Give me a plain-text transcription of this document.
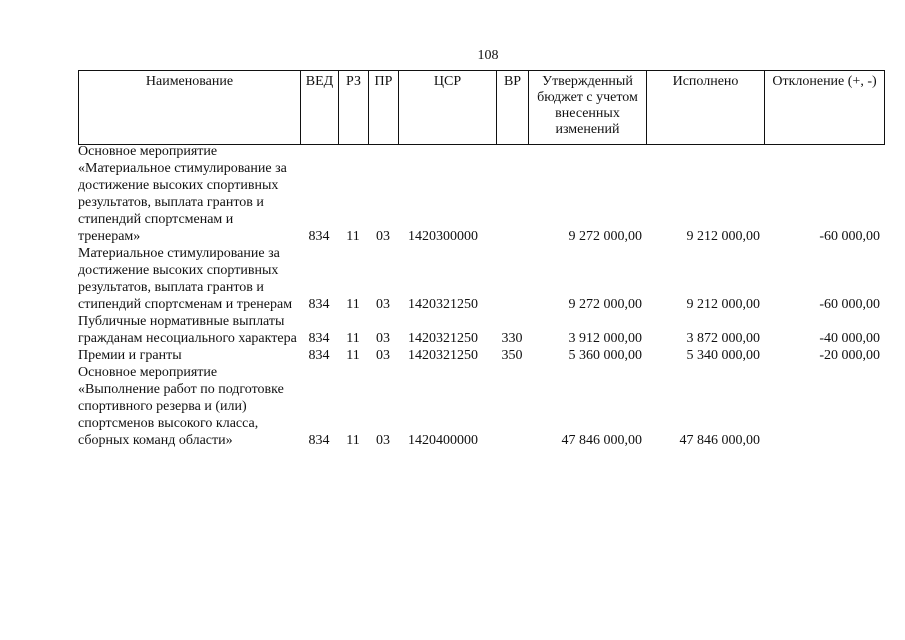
108
Наименование	ВЕД	РЗ	ПР	ЦСР	ВР	Утвержденный бюджет с учетом внесенных изменений	Исполнено	Отклонение (+, -)
Основное мероприятие «Материальное стимулирование за достижение высоких спортивных результатов, выплата грантов и стипендий спортсменам и тренерам»	834	11	03	1420300000		9 272 000,00	9 212 000,00	-60 000,00
Материальное стимулирование за достижение высоких спортивных результатов, выплата грантов и стипендий спортсменам и тренерам	834	11	03	1420321250		9 272 000,00	9 212 000,00	-60 000,00
Публичные нормативные выплаты гражданам несоциального характера	834	11	03	1420321250	330	3 912 000,00	3 872 000,00	-40 000,00
Премии и гранты	834	11	03	1420321250	350	5 360 000,00	5 340 000,00	-20 000,00
Основное мероприятие «Выполнение работ по подготовке спортивного резерва и (или) спортсменов высокого класса, сборных команд области»	834	11	03	1420400000		47 846 000,00	47 846 000,00	
